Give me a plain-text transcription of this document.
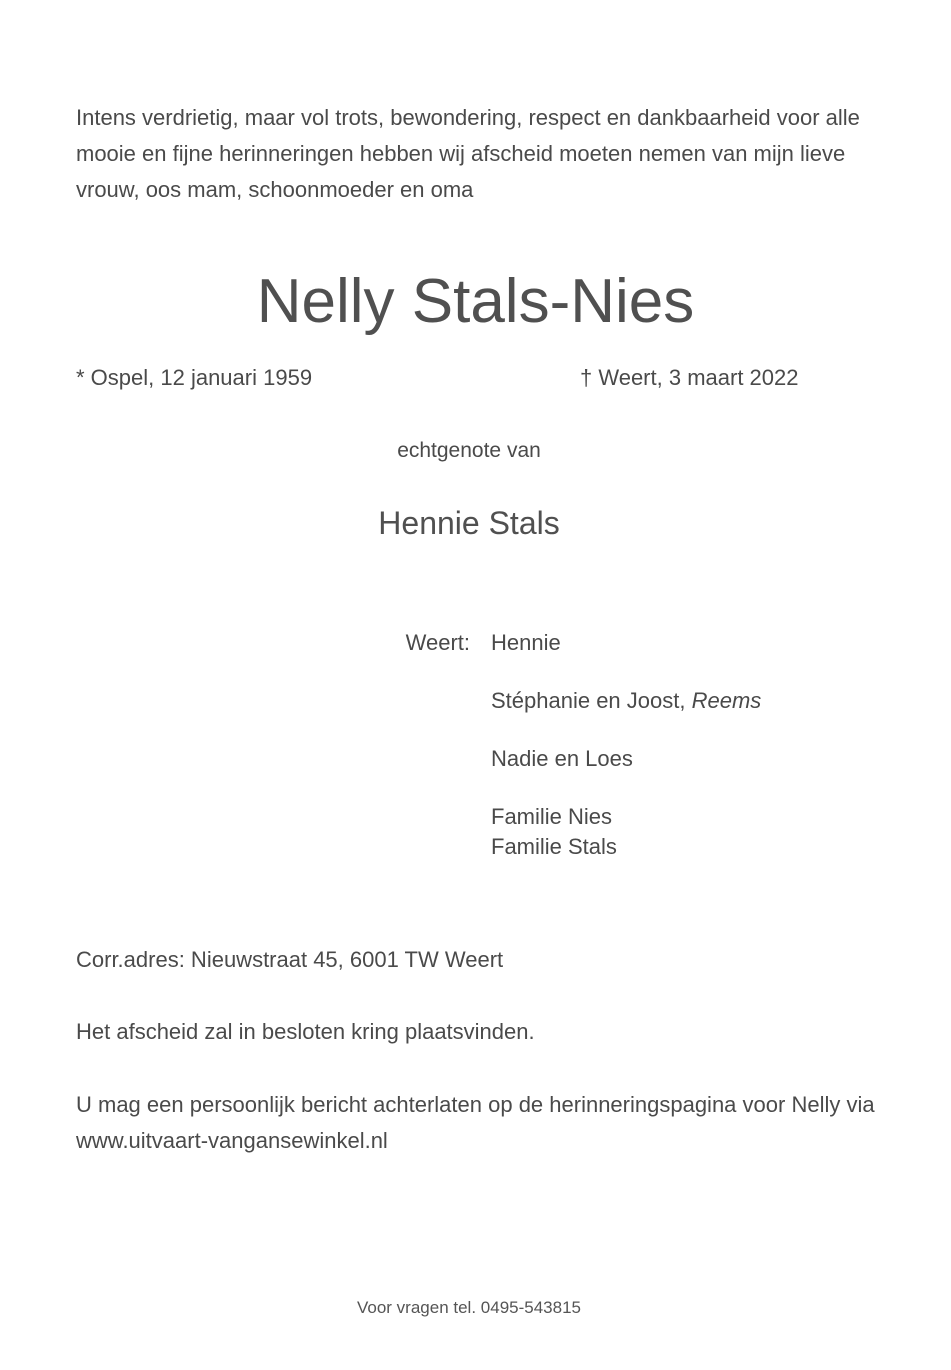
Intens verdrietig, maar vol trots, bewondering, respect en dankbaarheid voor alle
mooie en fijne herinneringen hebben wij afscheid moeten nemen van mijn lieve
vrouw, oos mam, schoonmoeder en oma
Nelly Stals-Nies
* Ospel, 12 januari 1959	† Weert, 3 maart 2022
echtgenote van
Hennie Stals
Weert: Hennie
Stéphanie en Joost, Reems
Nadie en Loes
Familie Nies
Familie Stals
Corr.adres: Nieuwstraat 45, 6001 TW Weert
Het afscheid zal in besloten kring plaatsvinden.
U mag een persoonlijk bericht achterlaten op de herinneringspagina voor Nelly via
www.uitvaart-vangansewinkel.nl
Voor vragen tel. 0495-543815
